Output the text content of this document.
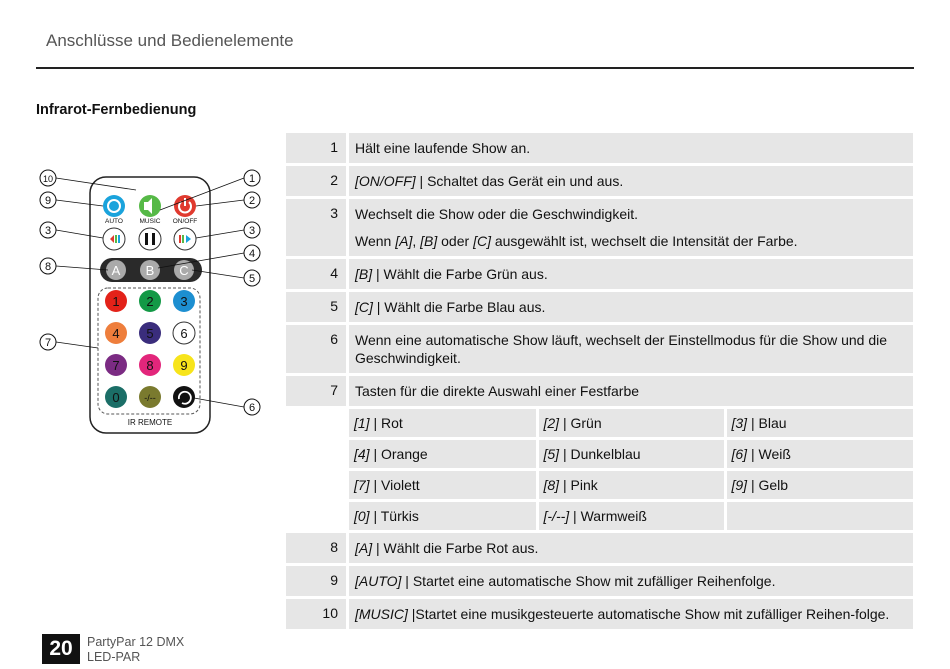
Anschlüsse und Bedienelemente
Infrarot-Fernbedienung
AUTO	MUSIC ON/OFF
A B C
1 2 3
4 5 6
7 8 9
0	-/--
IR REMOTE
10
9
3
8
7
1
2
3
4
5
6
1	Hält eine laufende Show an.
2	[ON/OFF] | Schaltet das Gerät ein und aus.
3	Wechselt die Show oder die Geschwindigkeit.
Wenn [A], [B] oder [C] ausgewählt ist, wechselt die Intensität der Farbe.

4	[B] | Wählt die Farbe Grün aus.
5	[C] | Wählt die Farbe Blau aus.
6	Wenn eine automatische Show läuft, wechselt der Einstellmodus für die Show und die Geschwindigkeit.
7	Tasten für die direkte Auswahl einer Festfarbe

[1] | Rot	[2] | Grün	[3] | Blau

[4] | Orange	[5] | Dunkelblau	[6] | Weiß

[7] | Violett	[8] | Pink	[9] | Gelb

[0] | Türkis	[-/--] | Warmweiß	

8	[A] | Wählt die Farbe Rot aus.
9	[AUTO] | Startet eine automatische Show mit zufälliger Reihenfolge.
10	[MUSIC] |Startet eine musikgesteuerte automatische Show mit zufälliger Reihen-folge.
20	PartyPar 12 DMX
LED-PAR
